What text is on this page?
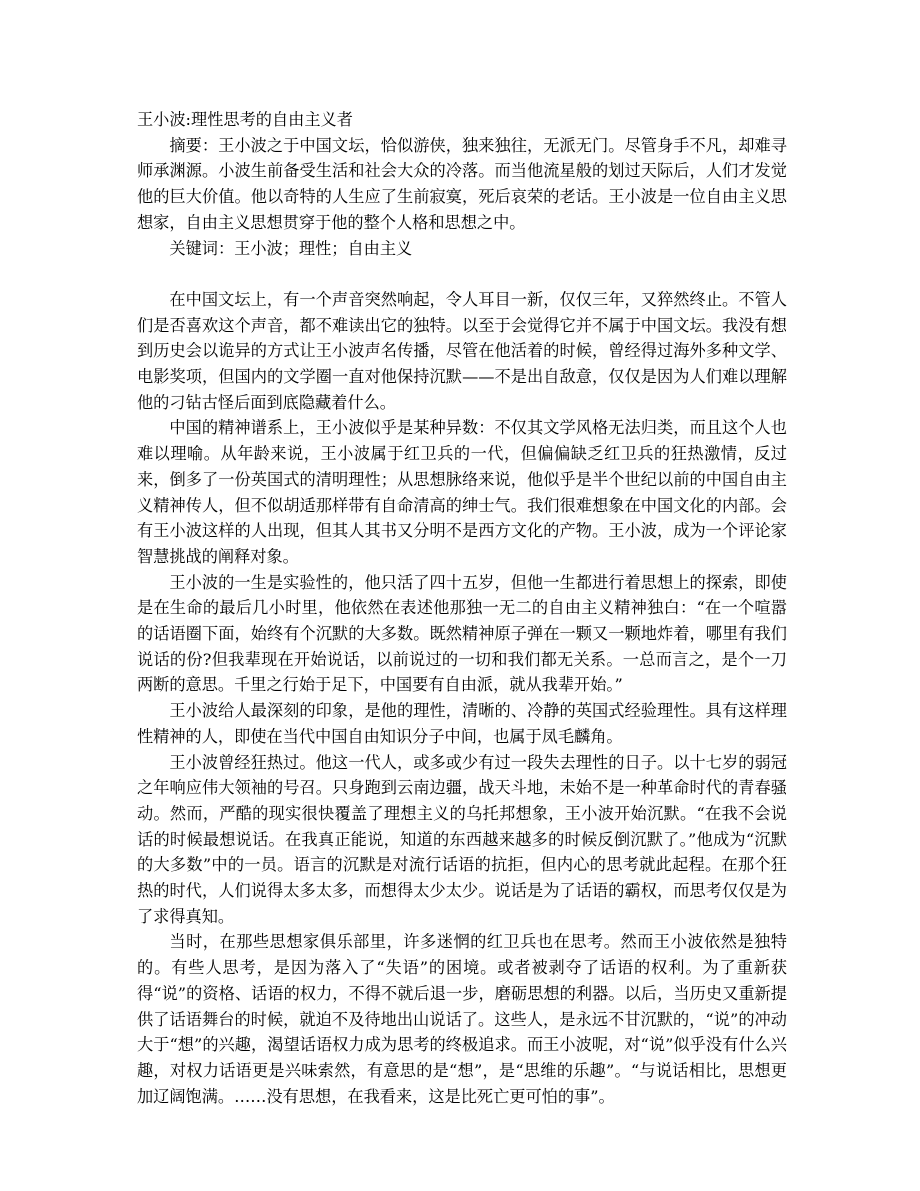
王小波:理性思考的自由主义者

摘要：王小波之于中国文坛，恰似游侠，独来独往，无派无门。尽管身手不凡，却难寻师承渊源。小波生前备受生活和社会大众的冷落。而当他流星般的划过天际后，人们才发觉他的巨大价值。他以奇特的人生应了生前寂寞，死后哀荣的老话。王小波是一位自由主义思想家，自由主义思想贯穿于他的整个人格和思想之中。

关键词：王小波；理性；自由主义

在中国文坛上，有一个声音突然响起，令人耳目一新，仅仅三年，又猝然终止。不管人们是否喜欢这个声音，都不难读出它的独特。以至于会觉得它并不属于中国文坛。我没有想到历史会以诡异的方式让王小波声名传播，尽管在他活着的时候，曾经得过海外多种文学、电影奖项，但国内的文学圈一直对他保持沉默——不是出自敌意，仅仅是因为人们难以理解他的刁钻古怪后面到底隐藏着什么。

中国的精神谱系上，王小波似乎是某种异数：不仅其文学风格无法归类，而且这个人也难以理喻。从年龄来说，王小波属于红卫兵的一代，但偏偏缺乏红卫兵的狂热激情，反过来，倒多了一份英国式的清明理性；从思想脉络来说，他似乎是半个世纪以前的中国自由主义精神传人，但不似胡适那样带有自命清高的绅士气。我们很难想象在中国文化的内部。会有王小波这样的人出现，但其人其书又分明不是西方文化的产物。王小波，成为一个评论家智慧挑战的阐释对象。

王小波的一生是实验性的，他只活了四十五岁，但他一生都进行着思想上的探索，即使是在生命的最后几小时里，他依然在表述他那独一无二的自由主义精神独白：“在一个喧嚣的话语圈下面，始终有个沉默的大多数。既然精神原子弹在一颗又一颗地炸着，哪里有我们说话的份?但我辈现在开始说话，以前说过的一切和我们都无关系。一总而言之，是个一刀两断的意思。千里之行始于足下，中国要有自由派，就从我辈开始。”

王小波给人最深刻的印象，是他的理性，清晰的、冷静的英国式经验理性。具有这样理性精神的人，即使在当代中国自由知识分子中间，也属于凤毛麟角。

王小波曾经狂热过。他这一代人，或多或少有过一段失去理性的日子。以十七岁的弱冠之年响应伟大领袖的号召。只身跑到云南边疆，战天斗地，未始不是一种革命时代的青春骚动。然而，严酷的现实很快覆盖了理想主义的乌托邦想象，王小波开始沉默。“在我不会说话的时候最想说话。在我真正能说，知道的东西越来越多的时候反倒沉默了。”他成为“沉默的大多数”中的一员。语言的沉默是对流行话语的抗拒，但内心的思考就此起程。在那个狂热的时代，人们说得太多太多，而想得太少太少。说话是为了话语的霸权，而思考仅仅是为了求得真知。

当时，在那些思想家俱乐部里，许多迷惘的红卫兵也在思考。然而王小波依然是独特的。有些人思考，是因为落入了“失语”的困境。或者被剥夺了话语的权利。为了重新获得“说”的资格、话语的权力，不得不就后退一步，磨砺思想的利器。以后，当历史又重新提供了话语舞台的时候，就迫不及待地出山说话了。这些人，是永远不甘沉默的，“说”的冲动大于“想”的兴趣，渴望话语权力成为思考的终极追求。而王小波呢，对“说”似乎没有什么兴趣，对权力话语更是兴味索然，有意思的是“想”，是“思维的乐趣”。“与说话相比，思想更加辽阔饱满。……没有思想，在我看来，这是比死亡更可怕的事”。
